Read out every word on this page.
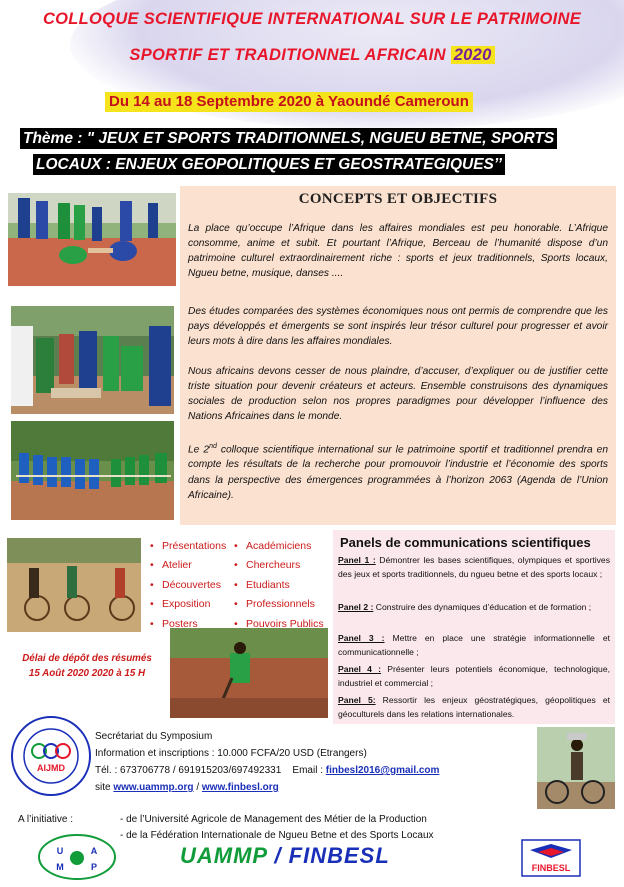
COLLOQUE SCIENTIFIQUE INTERNATIONAL SUR LE PATRIMOINE
SPORTIF ET TRADITIONNEL AFRICAIN 2020
Du 14 au 18 Septembre 2020 à Yaoundé Cameroun
Thème : " JEUX ET SPORTS TRADITIONNELS, NGUEU BETNE, SPORTS
LOCAUX : ENJEUX GEOPOLITIQUES ET GEOSTRATEGIQUES’’
CONCEPTS ET OBJECTIFS
La place qu’occupe l’Afrique dans les affaires mondiales est peu honorable. L’Afrique consomme, anime et subit. Et pourtant l’Afrique, Berceau de l’humanité dispose d’un patrimoine culturel extraordinairement riche : sports et jeux traditionnels, Sports locaux, Ngueu betne, musique, danses ....
Des études comparées des systèmes économiques nous ont permis de comprendre que les pays développés et émergents se sont inspirés leur trésor culturel pour progresser et avoir leurs mots à dire dans les affaires mondiales.
Nous africains devons cesser de nous plaindre, d’accuser, d’expliquer ou de justifier cette triste situation pour devenir créateurs et acteurs. Ensemble construisons des dynamiques sociales de production selon nos propres paradigmes pour développer l’influence des Nations Africaines dans le monde.
Le 2nd colloque scientifique international sur le patrimoine sportif et traditionnel prendra en compte les résultats de la recherche pour promouvoir l’industrie et l’économie des sports dans la perspective des émergences programmées à l’horizon 2063 (Agenda de l’Union Africaine).
• Présentations
• Atelier
• Découvertes
• Exposition
• Posters
• Académiciens
• Chercheurs
• Etudiants
• Professionnels
• Pouvoirs Publics
Délai de dépôt des résumés
15 Août 2020 2020 à 15 H
Panels de communications scientifiques
Panel 1 : Démontrer les bases scientifiques, olympiques et sportives des jeux et sports traditionnels, du ngueu betne et des sports locaux ;
Panel 2 : Construire des dynamiques d’éducation et de formation ;
Panel 3 : Mettre en place une stratégie informationnelle et communicationnelle ;
Panel 4 : Présenter leurs potentiels économique, technologique, industriel et commercial ;
Panel 5: Ressortir les enjeux géostratégiques, géopolitiques et géoculturels dans les relations internationales.
AIJMD
Secrétariat du Symposium
Information et inscriptions : 10.000 FCFA/20 USD (Etrangers)
Tél. : 673706778 / 691915203/697492331 Email : finbesl2016@gmail.com
site www.uammp.org / www.finbesl.org
A l’initiative :	- de l’Université Agricole de Management des Métier de la Production
- de la Fédération Internationale de Ngueu Betne et des Sports Locaux
U	A
M	P	UAMMP / FINBESL	FINBESL
